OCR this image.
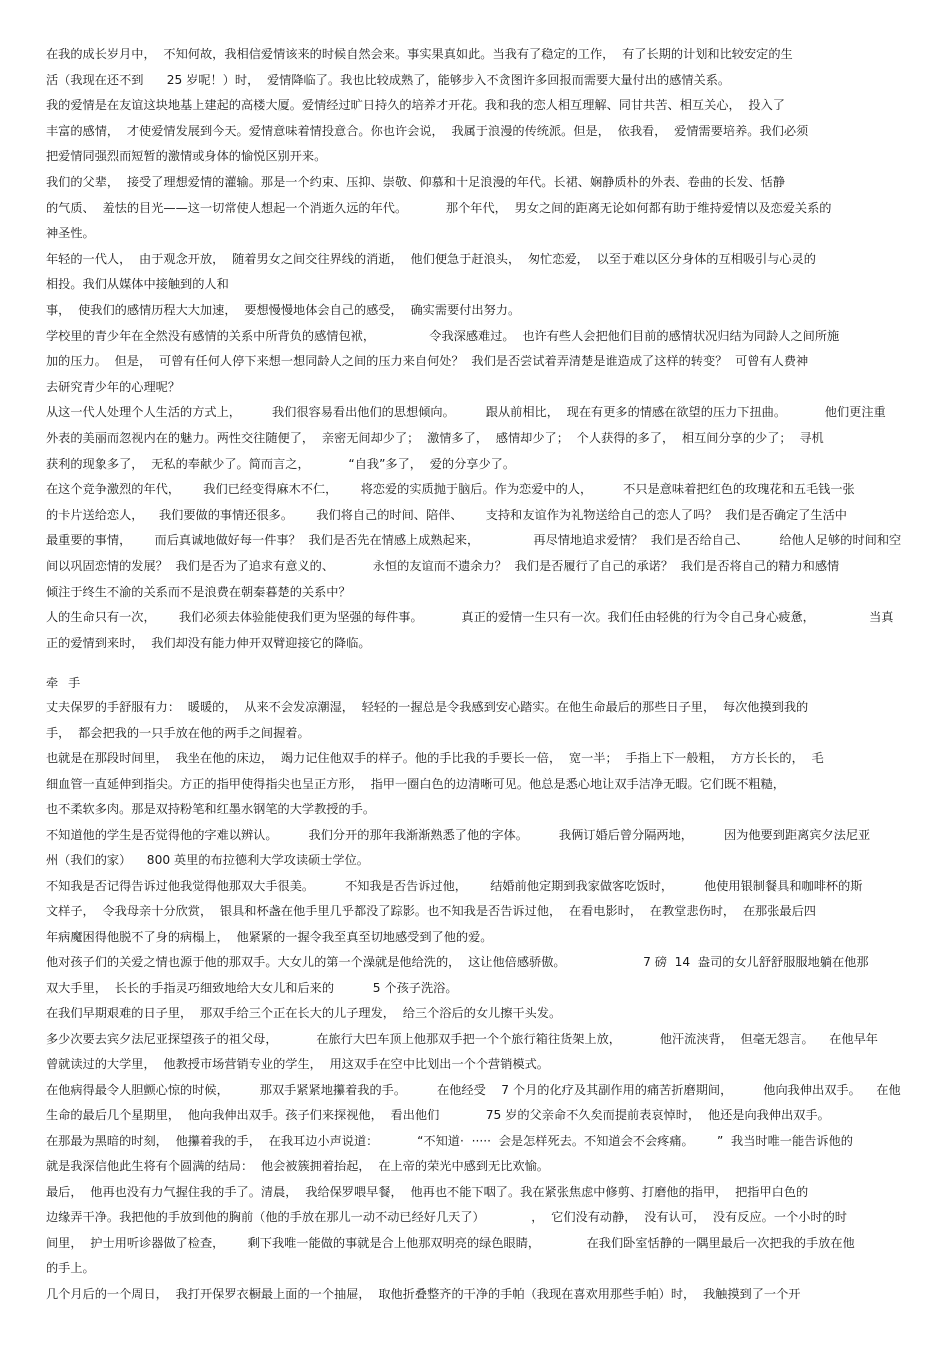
在我的成长岁月中，  不知何故，我相信爱情该来的时候自然会来。事实果真如此。当我有了稳定的工作，  有了长期的计划和比较安定的生
活（我现在还不到      25 岁呢！）时，  爱情降临了。我也比较成熟了，能够步入不贪图许多回报而需要大量付出的感情关系。
我的爱情是在友谊这块地基上建起的高楼大厦。爱情经过旷日持久的培养才开花。我和我的恋人相互理解、同甘共苦、相互关心，  投入了
丰富的感情，  才使爱情发展到今天。爱情意味着情投意合。你也许会说，  我属于浪漫的传统派。但是，  依我看，  爱情需要培养。我们必须
把爱情同强烈而短暂的激情或身体的愉悦区别开来。
我们的父辈，  接受了理想爱情的灌输。那是一个约束、压抑、崇敬、仰慕和十足浪漫的年代。长裙、娴静质朴的外表、卷曲的长发、恬静
的气质、  羞怯的目光——这一切常使人想起一个消逝久远的年代。          那个年代，  男女之间的距离无论如何都有助于维持爱情以及恋爱关系的
神圣性。
年轻的一代人，  由于观念开放，  随着男女之间交往界线的消逝，  他们便急于赶浪头，  匆忙恋爱，  以至于难以区分身体的互相吸引与心灵的
相投。我们从媒体中接触到的人和
事，  使我们的感情历程大大加速，  要想慢慢地体会自己的感受，  确实需要付出努力。
学校里的青少年在全然没有感情的关系中所背负的感情包袱，              令我深感难过。  也许有些人会把他们目前的感情状况归结为同龄人之间所施
加的压力。  但是，  可曾有任何人停下来想一想同龄人之间的压力来自何处？  我们是否尝试着弄清楚是谁造成了这样的转变？  可曾有人费神
去研究青少年的心理呢？
从这一代人处理个人生活的方式上，        我们很容易看出他们的思想倾向。        跟从前相比，  现在有更多的情感在欲望的压力下扭曲。          他们更注重
外表的美丽而忽视内在的魅力。两性交往随便了，  亲密无间却少了；  激情多了，  感情却少了；  个人获得的多了，  相互间分享的少了；  寻机
获利的现象多了，  无私的奉献少了。简而言之，          “自我”多了，  爱的分享少了。
在这个竞争激烈的年代，      我们已经变得麻木不仁，      将恋爱的实质抛于脑后。作为恋爱中的人，        不只是意味着把红色的玫瑰花和五毛钱一张
的卡片送给恋人，    我们要做的事情还很多。      我们将自己的时间、陪伴、      支持和友谊作为礼物送给自己的恋人了吗？  我们是否确定了生活中
最重要的事情，      而后真诚地做好每一件事？  我们是否先在情感上成熟起来，              再尽情地追求爱情？  我们是否给自己、        给他人足够的时间和空
间以巩固恋情的发展？  我们是否为了追求有意义的、          永恒的友谊而不遗余力？  我们是否履行了自己的承诺？  我们是否将自己的精力和感情
倾注于终生不渝的关系而不是浪费在朝秦暮楚的关系中？
人的生命只有一次，      我们必须去体验能使我们更为坚强的每件事。          真正的爱情一生只有一次。我们任由轻佻的行为令自己身心疲惫，              当真
正的爱情到来时，  我们却没有能力伸开双臂迎接它的降临。
牵手
丈夫保罗的手舒服有力：  暖暖的，  从来不会发凉潮湿，  轻轻的一握总是令我感到安心踏实。在他生命最后的那些日子里，  每次他摸到我的
手，  都会把我的一只手放在他的两手之间握着。
也就是在那段时间里，  我坐在他的床边，  竭力记住他双手的样子。他的手比我的手要长一倍，  宽一半；  手指上下一般粗，  方方长长的，  毛
细血管一直延伸到指尖。方正的指甲使得指尖也呈正方形，  指甲一圈白色的边清晰可见。他总是悉心地让双手洁净无暇。它们既不粗糙，
也不柔软多肉。那是双持粉笔和红墨水钢笔的大学教授的手。
不知道他的学生是否觉得他的字难以辨认。        我们分开的那年我渐渐熟悉了他的字体。        我俩订婚后曾分隔两地，        因为他要到距离宾夕法尼亚
州（我们的家）    800 英里的布拉德利大学攻读硕士学位。
不知我是否记得告诉过他我觉得他那双大手很美。        不知我是否告诉过他，      结婚前他定期到我家做客吃饭时，        他使用银制餐具和咖啡杯的斯
文样子，  令我母亲十分欣赏，  银具和杯盏在他手里几乎都没了踪影。也不知我是否告诉过他，  在看电影时，  在教堂悲伤时，  在那张最后四
年病魔困得他脱不了身的病榻上，  他紧紧的一握令我至真至切地感受到了他的爱。
他对孩子们的关爱之情也源于他的那双手。大女儿的第一个澡就是他给洗的，  这让他倍感骄傲。                    7 磅  14  盎司的女儿舒舒服服地躺在他那
双大手里，  长长的手指灵巧细致地给大女儿和后来的          5 个孩子洗浴。
在我们早期艰难的日子里，  那双手给三个正在长大的儿子理发，  给三个浴后的女儿擦干头发。
多少次要去宾夕法尼亚探望孩子的祖父母，          在旅行大巴车顶上他那双手把一个个旅行箱往货架上放，          他汗流浃背，  但毫无怨言。    在他早年
曾就读过的大学里，  他教授市场营销专业的学生，  用这双手在空中比划出一个个营销模式。
在他病得最令人胆颤心惊的时候，        那双手紧紧地攥着我的手。        在他经受    7 个月的化疗及其副作用的痛苦折磨期间，        他向我伸出双手。    在他
生命的最后几个星期里，  他向我伸出双手。孩子们来探视他，  看出他们            75 岁的父亲命不久矣而提前表哀悼时，  他还是向我伸出双手。
在那最为黑暗的时刻，  他攥着我的手，  在我耳边小声说道：          “不知道·  ·····  会是怎样死去。不知道会不会疼痛。      ”  我当时唯一能告诉他的
就是我深信他此生将有个圆满的结局：  他会被簇拥着抬起，  在上帝的荣光中感到无比欢愉。
最后，  他再也没有力气握住我的手了。清晨，  我给保罗喂早餐，  他再也不能下咽了。我在紧张焦虑中修剪、打磨他的指甲，  把指甲白色的
边缘弄干净。我把他的手放到他的胸前（他的手放在那儿一动不动已经好几天了）            ，  它们没有动静，  没有认可，  没有反应。一个小时的时
间里，  护士用听诊器做了检查，      剩下我唯一能做的事就是合上他那双明亮的绿色眼睛，            在我们卧室恬静的一隅里最后一次把我的手放在他
的手上。
几个月后的一个周日，  我打开保罗衣橱最上面的一个抽屉，  取他折叠整齐的干净的手帕（我现在喜欢用那些手帕）时，  我触摸到了一个开
